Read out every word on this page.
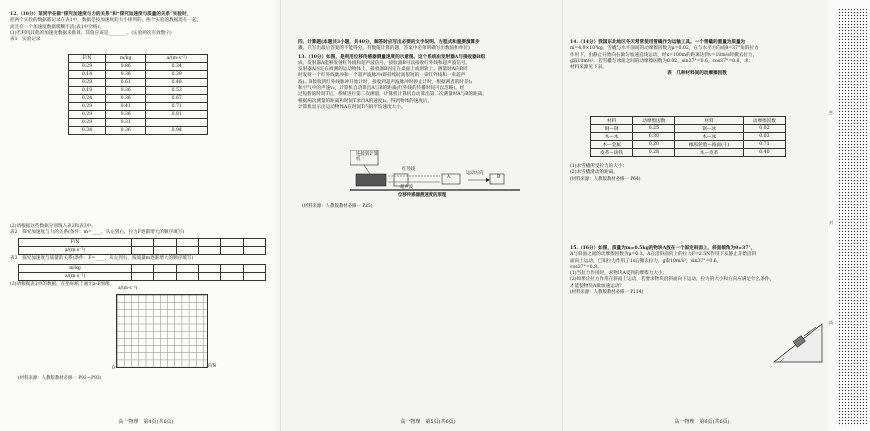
12.（10分）某同学在做“探究加速度与力的关系”和“探究加速度与质量的关系”实验时，
把两个实验的数据都记录在表1中，数据是按加速度的大小排列的，两个实验的数据混在一起，
而且有一个加速度数据模糊不清(表1中空格)。
(1)若利用其他的加速度数据来推算，其值应该是________。(实验两次有效数字)
表1　实验记录
F/N	m/kg	a/(m·s⁻²)
0.29	0.86	0.34
0.14	0.36	0.39
0.29	0.61	0.48
0.19	0.36	0.53
0.24	0.36	0.67
0.29	0.41	0.71
0.29	0.36	0.81
0.29	0.31	
0.34	0.36	0.94
(2)请根据这些数据分别填入表2和表3中。
表2　探究加速度与力的关系(条件：m=____，从左到右，拉力F逐渐增大的顺序填写)
F/N						
a/(m·s⁻²)						
表3　探究加速度与质量的关系(条件：F=____，从左到右，按质量m逐渐增大的顺序填写)
m/kg						
a/(m·s⁻²)						
(3)请根据表2中的数据，在坐标纸上画出a-F图像。
a/(m·s⁻²)
0	F/N
(材料来源：人教版教材必修一 P92—P93)
高一物理　第4页(共6页)
四、计算题(本题共3小题，共40分，解答时应写出必要的文字说明、方程式和重要演算步
骤。只写出最后答案的不能得分。有数值计算的题，答案中必须明确写出数值和单位)
13.（10分）如图，是利用位移传感器测量速度的示意图。这个系统由发射器A与接收器B组
成，发射器A能够发射红外线和超声波信号，接收器B可以接收红外线和超声波信号。
发射器A固定在被测的运动物体上，接收器B固定在桌面上或滑轨上。测量时A向B同
时发射一个红外线脉冲和一个超声波脉冲(即持续时间很短的一束红外线和一束超声
波)。B接收到红外线脉冲开始计时，接收到超声波脉冲时停止计时，根据两者的时差t₁
和空气中的声速v₀，计算机自动算出A与B的距离(红外线的传播时间可以忽略)。经
过短暂的时间T后，系统进行第二次测量，计算机计算机自动算出第二次测量时A与B的距离。
根据两次测量的距离和时间T求出A的速度t₂。得到物体的速度后，
计算机显示出运动物体A在时间T内的平均速度大小。
连接到计算机
红外线
超声波
运动方向
A	B
位移传感器测速度的原理
(材料来源：人教版教材必修一 P25)
高一物理　第5页(共6页)
14.（14分）我国东北地区冬天常常使用雪橇作为运输工具。一个雪橇的重量为质量为
m=4.9×10³kg，雪橇与水平面间的动摩擦因数为μ=0.02，在与水平方向成θ=37°角的拉力
作用下，由静止开始向右做匀加速直线运动，经x=100m的距离达到v=10m/s时撤去拉力，
g取10m/s²。若雪橇与冰面之间的动摩擦因数为0.02，sin37°=0.6，cos37°=0.8，求：
材料来源见下表。
表　几种材料间的动摩擦因数
材料	动摩擦因数	材料	动摩擦因数
钢—钢	0.25	钢—冰	0.02
木—木	0.30	木—冰	0.03
木—金属	0.20	橡胶轮胎—路面(干)	0.71
皮革—铸铁	0.28	木—皮革	0.40
(1)求雪橇所受拉力的大小；
(2)求雪橇滑动的距离。
(材料来源：人教版教材必修一 P64)
15.（16分）如图，质量为m=0.5kg的物块A放在一个固定斜面上，斜面倾角为θ=37°，
A与斜面之间的动摩擦因数为μ=0.3，A在沿斜面向上的拉力F=2.5N作用下从静止开始沿斜
面向上运动，已知拉力作用了1s后撤去拉力，g取10m/s²，sin37°=0.6，
cos37°=0.8。
(1)当拉力作用时，求物块A受到的摩擦力大小；
(2)如果让拉力作用在斜面上运动，若要求物块沿斜面向下运动，拉力的大小和方向应满足什么条件，
才能使物块A做加速运动？
(材料来源：人教版教材必修一 P114)
高一物理　第6页(共6页)
密
封
线
